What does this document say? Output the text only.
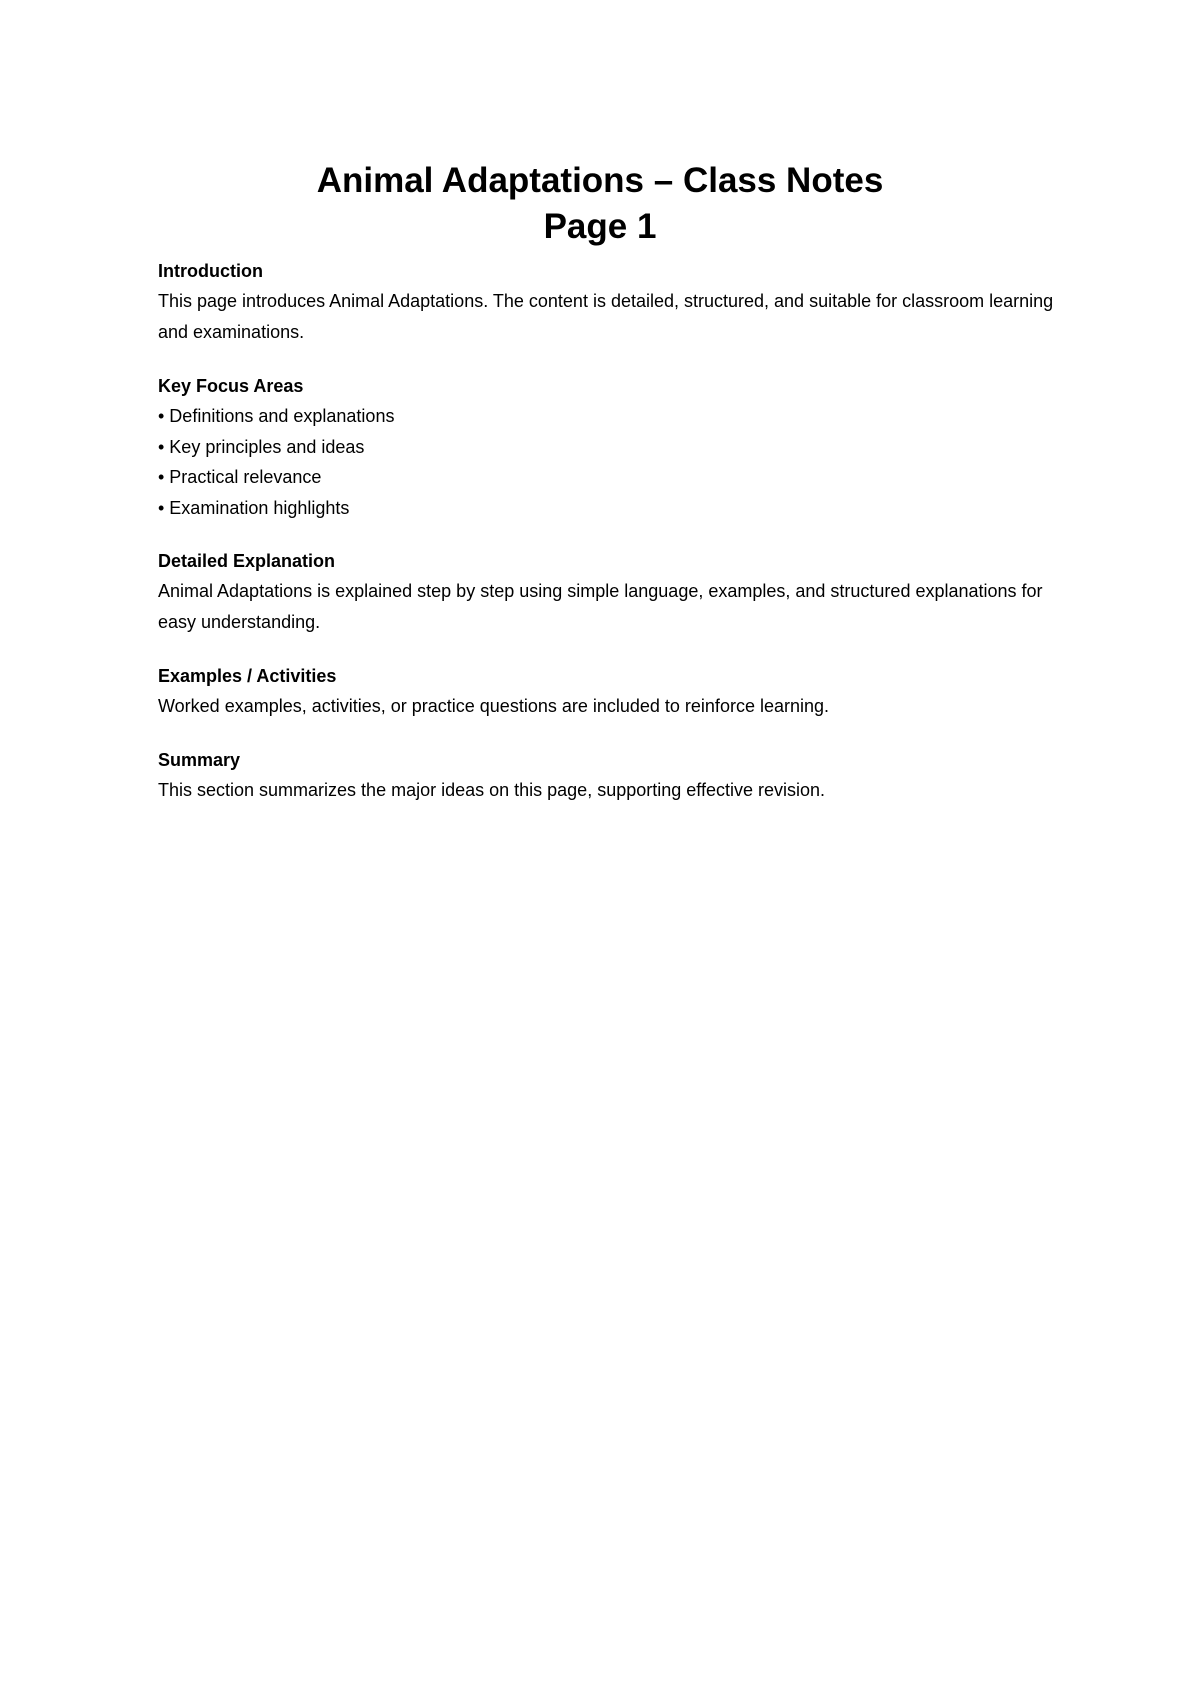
Animal Adaptations – Class Notes
Page 1
Introduction

This page introduces Animal Adaptations. The content is detailed, structured, and suitable for classroom learning and examinations.

Key Focus Areas
• Definitions and explanations
• Key principles and ideas
• Practical relevance
• Examination highlights
Detailed Explanation

Animal Adaptations is explained step by step using simple language, examples, and structured explanations for easy understanding.

Examples / Activities

Worked examples, activities, or practice questions are included to reinforce learning.

Summary

This section summarizes the major ideas on this page, supporting effective revision.
